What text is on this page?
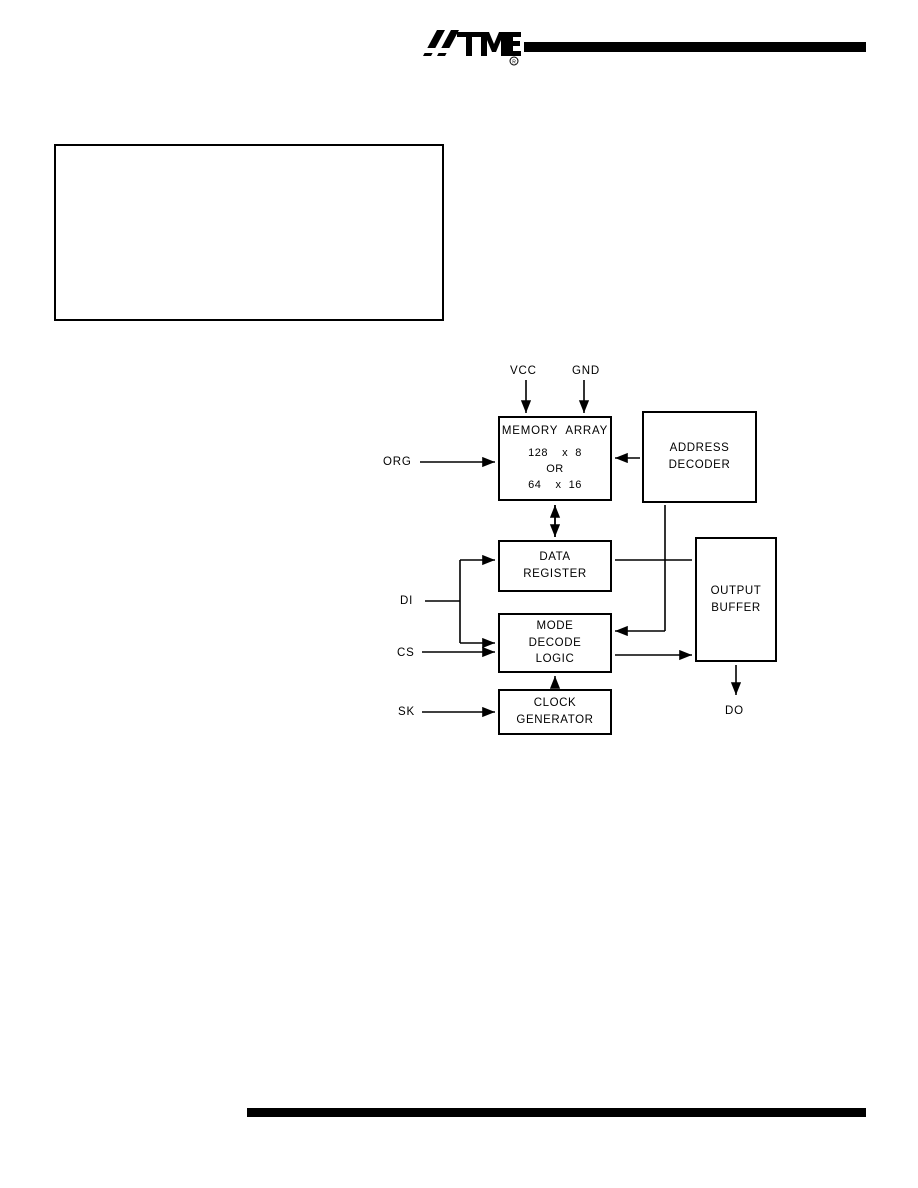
R
MEMORY  ARRAY
128    x  8
OR
64    x  16
ADDRESS
DECODER
DATA
REGISTER
MODE
DECODE
LOGIC
CLOCK
GENERATOR
OUTPUT
BUFFER
VCC	GND
ORG
DI
CS
SK	DO
